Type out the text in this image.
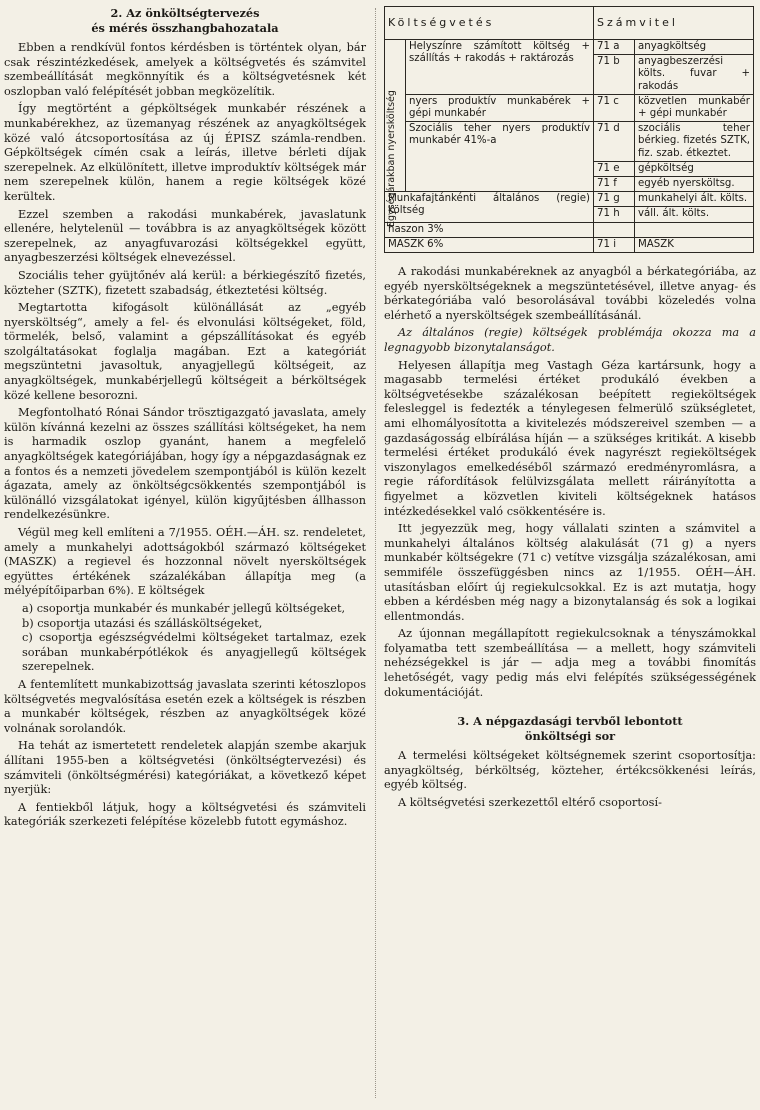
2. Az önköltségtervezés
és mérés összhangbahozatala

Ebben a rendkívül fontos kérdésben is történtek olyan, bár csak részintézkedések, amelyek a költségvetés és számvitel szembeállítását megkönnyítik és a költségvetésnek két oszlopban való felépítését jobban megközelítik.

Így megtörtént a gépköltségek munkabér részének a munkabérekhez, az üzemanyag részének az anyagköltségek közé való átcsoportosítása az új ÉPISZ számla-rendben. Gépköltségek címén csak a leírás, illetve bérleti díjak szerepelnek. Az elkülönített, illetve improduktív költségek már nem szerepelnek külön, hanem a regie költségek közé kerültek.

Ezzel szemben a rakodási munkabérek, javaslatunk ellenére, helytelenül — továbbra is az anyagköltségek között szerepelnek, az anyagfuvarozási költségekkel együtt, anyagbeszerzési költségek elnevezéssel.

Szociális teher gyüjtőnév alá kerül: a bérkiegészítő fizetés, közteher (SZTK), fizetett szabadság, étkeztetési költség.

Megtartotta kifogásolt különállását az „egyéb nyersköltség“, amely a fel- és elvonulási költségeket, föld, törmelék, belső, valamint a gépszállításokat és egyéb szolgáltatásokat foglalja magában. Ezt a kategóriát megszüntetni javasoltuk, anyagjellegű költségeit, az anyagköltségek, munkabérjellegű költségeit a bérköltségek közé kellene besorozni.

Megfontolható Rónai Sándor trösztigazgató javaslata, amely külön kívánná kezelni az összes szállítási költségeket, ha nem is harmadik oszlop gyanánt, hanem a megfelelő anyagköltségek kategóriájában, hogy így a népgazdaságnak ez a fontos és a nemzeti jövedelem szempontjából is külön kezelt ágazata, amely az önköltségcsökkentés szempontjából is különálló vizsgálatokat igényel, külön kigyűjtésben állhasson rendelkezésünkre.

Végül meg kell említeni a 7/1955. OÉH.—ÁH. sz. rendeletet, amely a munkahelyi adottságokból származó költségeket (MASZK) a regievel és hozzonnal növelt nyersköltségek együttes értékének százalékában állapítja meg (a mélyépítőiparban 6%). E költségek

a) csoportja munkabér és munkabér jellegű költségeket,

b) csoportja utazási és szállásköltségeket,

c) csoportja egészségvédelmi költségeket tartalmaz, ezek sorában munkabérpótlékok és anyagjellegű költségek szerepelnek.

A fentemlített munkabizottság javaslata szerinti kétoszlopos költségvetés megvalósítása esetén ezek a költségek is részben a munkabér költségek, részben az anyagköltségek közé volnának sorolandók.

Ha tehát az ismertetett rendeletek alapján szembe akarjuk állítani 1955-ben a költségvetési (önköltségtervezési) és számviteli (önköltségmérési) kategóriákat, a következő képet nyerjük:

A fentiekből látjuk, hogy a költségvetési és számviteli kategóriák szerkezeti felépítése közelebb futott egymáshoz.

Költségvetés		Számvitel	

Egységárakban nyersköltség	Helyszínre számított költség + szállítás + rakodás + raktározás	71 a	anyagköltség
		71 b	anyagbeszerzési költs. fuvar + rakodás
	nyers produktív munkabérek + gépi munkabér	71 c	közvetlen munkabér + gépi munkabér
	Szociális teher nyers produktív munkabér 41%-a	71 d	szociális teher bérkieg. fizetés SZTK, fiz. szab. étkeztet.
		71 e	gépköltség
		71 f	egyéb nyersköltsg.
Munkafajtánkénti általános (regie) költség		71 g	munkahelyi ált. költs.
		71 h	váll. ált. költs.
haszon 3%			
MASZK 6%		71 i	MASZK

A rakodási munkabéreknek az anyagból a bérkategóriába, az egyéb nyersköltségeknek a megszüntetésével, illetve anyag- és bérkategóriába való besorolásával további közeledés volna elérhető a nyersköltségek szembeállításánál.

Az általános (regie) költségek problémája okozza ma a legnagyobb bizonytalanságot.

Helyesen állapítja meg Vastagh Géza kartársunk, hogy a magasabb termelési értéket produkáló években a költségvetésekbe százalékosan beépített regieköltségek felesleggel is fedezték a ténylegesen felmerülő szükségletet, ami elhomályosította a kivitelezés módszereivel szemben — a gazdaságosság elbírálása híján — a szükséges kritikát. A kisebb termelési értéket produkáló évek nagyrészt regieköltségek viszonylagos emelkedéséből származó eredményromlásra, a regie ráfordítások felülvizsgálata mellett ráirányította a figyelmet a közvetlen kiviteli költségeknek hatásos intézkedésekkel való csökkentésére is.

Itt jegyezzük meg, hogy vállalati szinten a számvitel a munkahelyi általános költség alakulását (71 g) a nyers munkabér költségekre (71 c) vetítve vizsgálja százalékosan, ami semmiféle összefüggésben nincs az 1/1955. OÉH—ÁH. utasításban előírt új regiekulcsokkal. Ez is azt mutatja, hogy ebben a kérdésben még nagy a bizonytalanság és sok a logikai ellentmondás.

Az újonnan megállapított regiekulcsoknak a tényszámokkal folyamatba tett szembeállítása — a mellett, hogy számviteli nehézségekkel is jár — adja meg a további finomítás lehetőségét, vagy pedig más elvi felépítés szükségességének dokumentációját.

3. A népgazdasági tervből lebontott
önköltségi sor

A termelési költségeket költségnemek szerint csoportosítja: anyagköltség, bérköltség, közteher, értékcsökkenési leírás, egyéb költség.

A költségvetési szerkezettől eltérő csoportosí-
